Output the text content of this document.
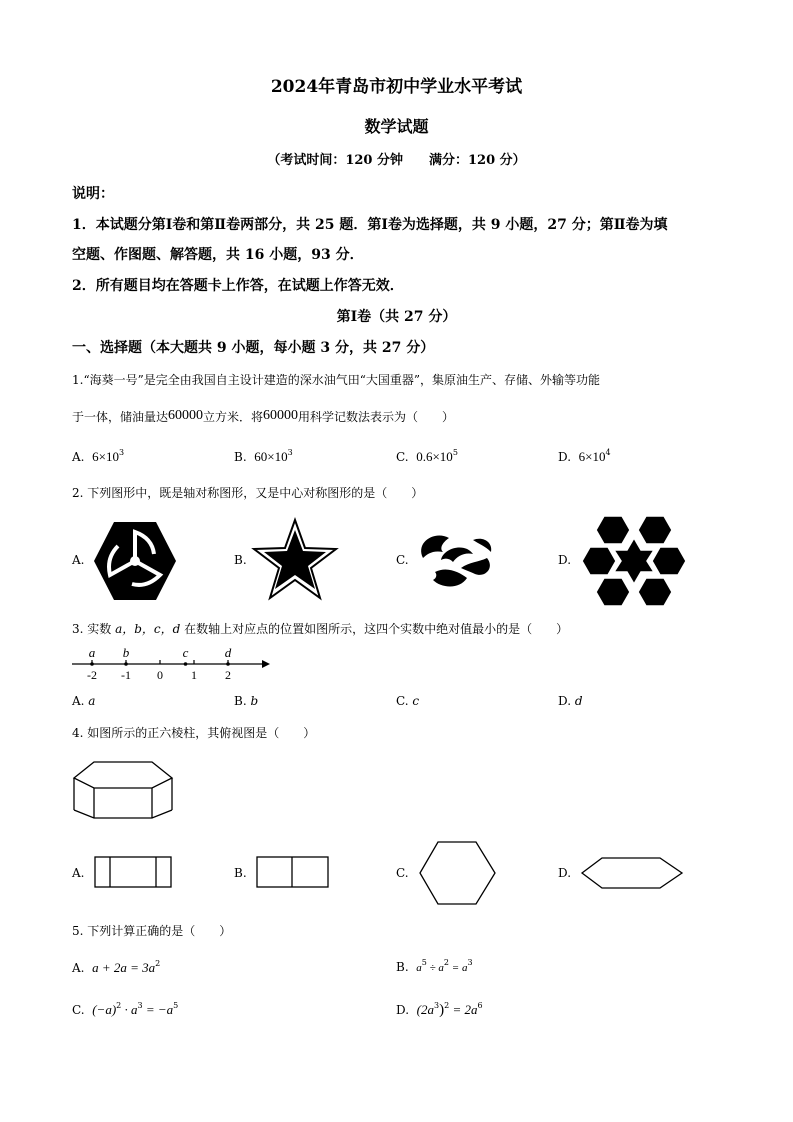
2024年青岛市初中学业水平考试
数学试题
（考试时间：120 分钟　　满分：120 分）
说明：
1．本试题分第Ⅰ卷和第Ⅱ卷两部分，共 25 题．第Ⅰ卷为选择题，共 9 小题，27 分；第Ⅱ卷为填
空题、作图题、解答题，共 16 小题，93 分．
2．所有题目均在答题卡上作答，在试题上作答无效．
第Ⅰ卷（共 27 分）
一、选择题（本大题共 9 小题，每小题 3 分，共 27 分）
1.“海葵一号”是完全由我国自主设计建造的深水油气田“大国重器”，集原油生产、存储、外输等功能
于一体，储油量达60000立方米．将60000用科学记数法表示为（　　）
A. $6\times 10^3$	B. $60\times 10^3$	C. $0.6\times 10^5$	D. $6\times 10^4$
2. 下列图形中，既是轴对称图形，又是中心对称图形的是（　　）
A.	B.	C.	D.
3. 实数 a，b，c，d 在数轴上对应点的位置如图所示，这四个实数中绝对值最小的是（　　）
-2 -1 0 1 2
a b	c	d
A. a	B. b	C. c	D. d
4. 如图所示的正六棱柱，其俯视图是（　　）
A.	B.	C.	D.
5. 下列计算正确的是（　　）
A. $a + 2a = 3a^2$	B. $a^5 \div a^2 = a^3$
C. $(-a)^2 \cdot a^3 = -a^5$	D. $(2a^3)^2 = 2a^6$
